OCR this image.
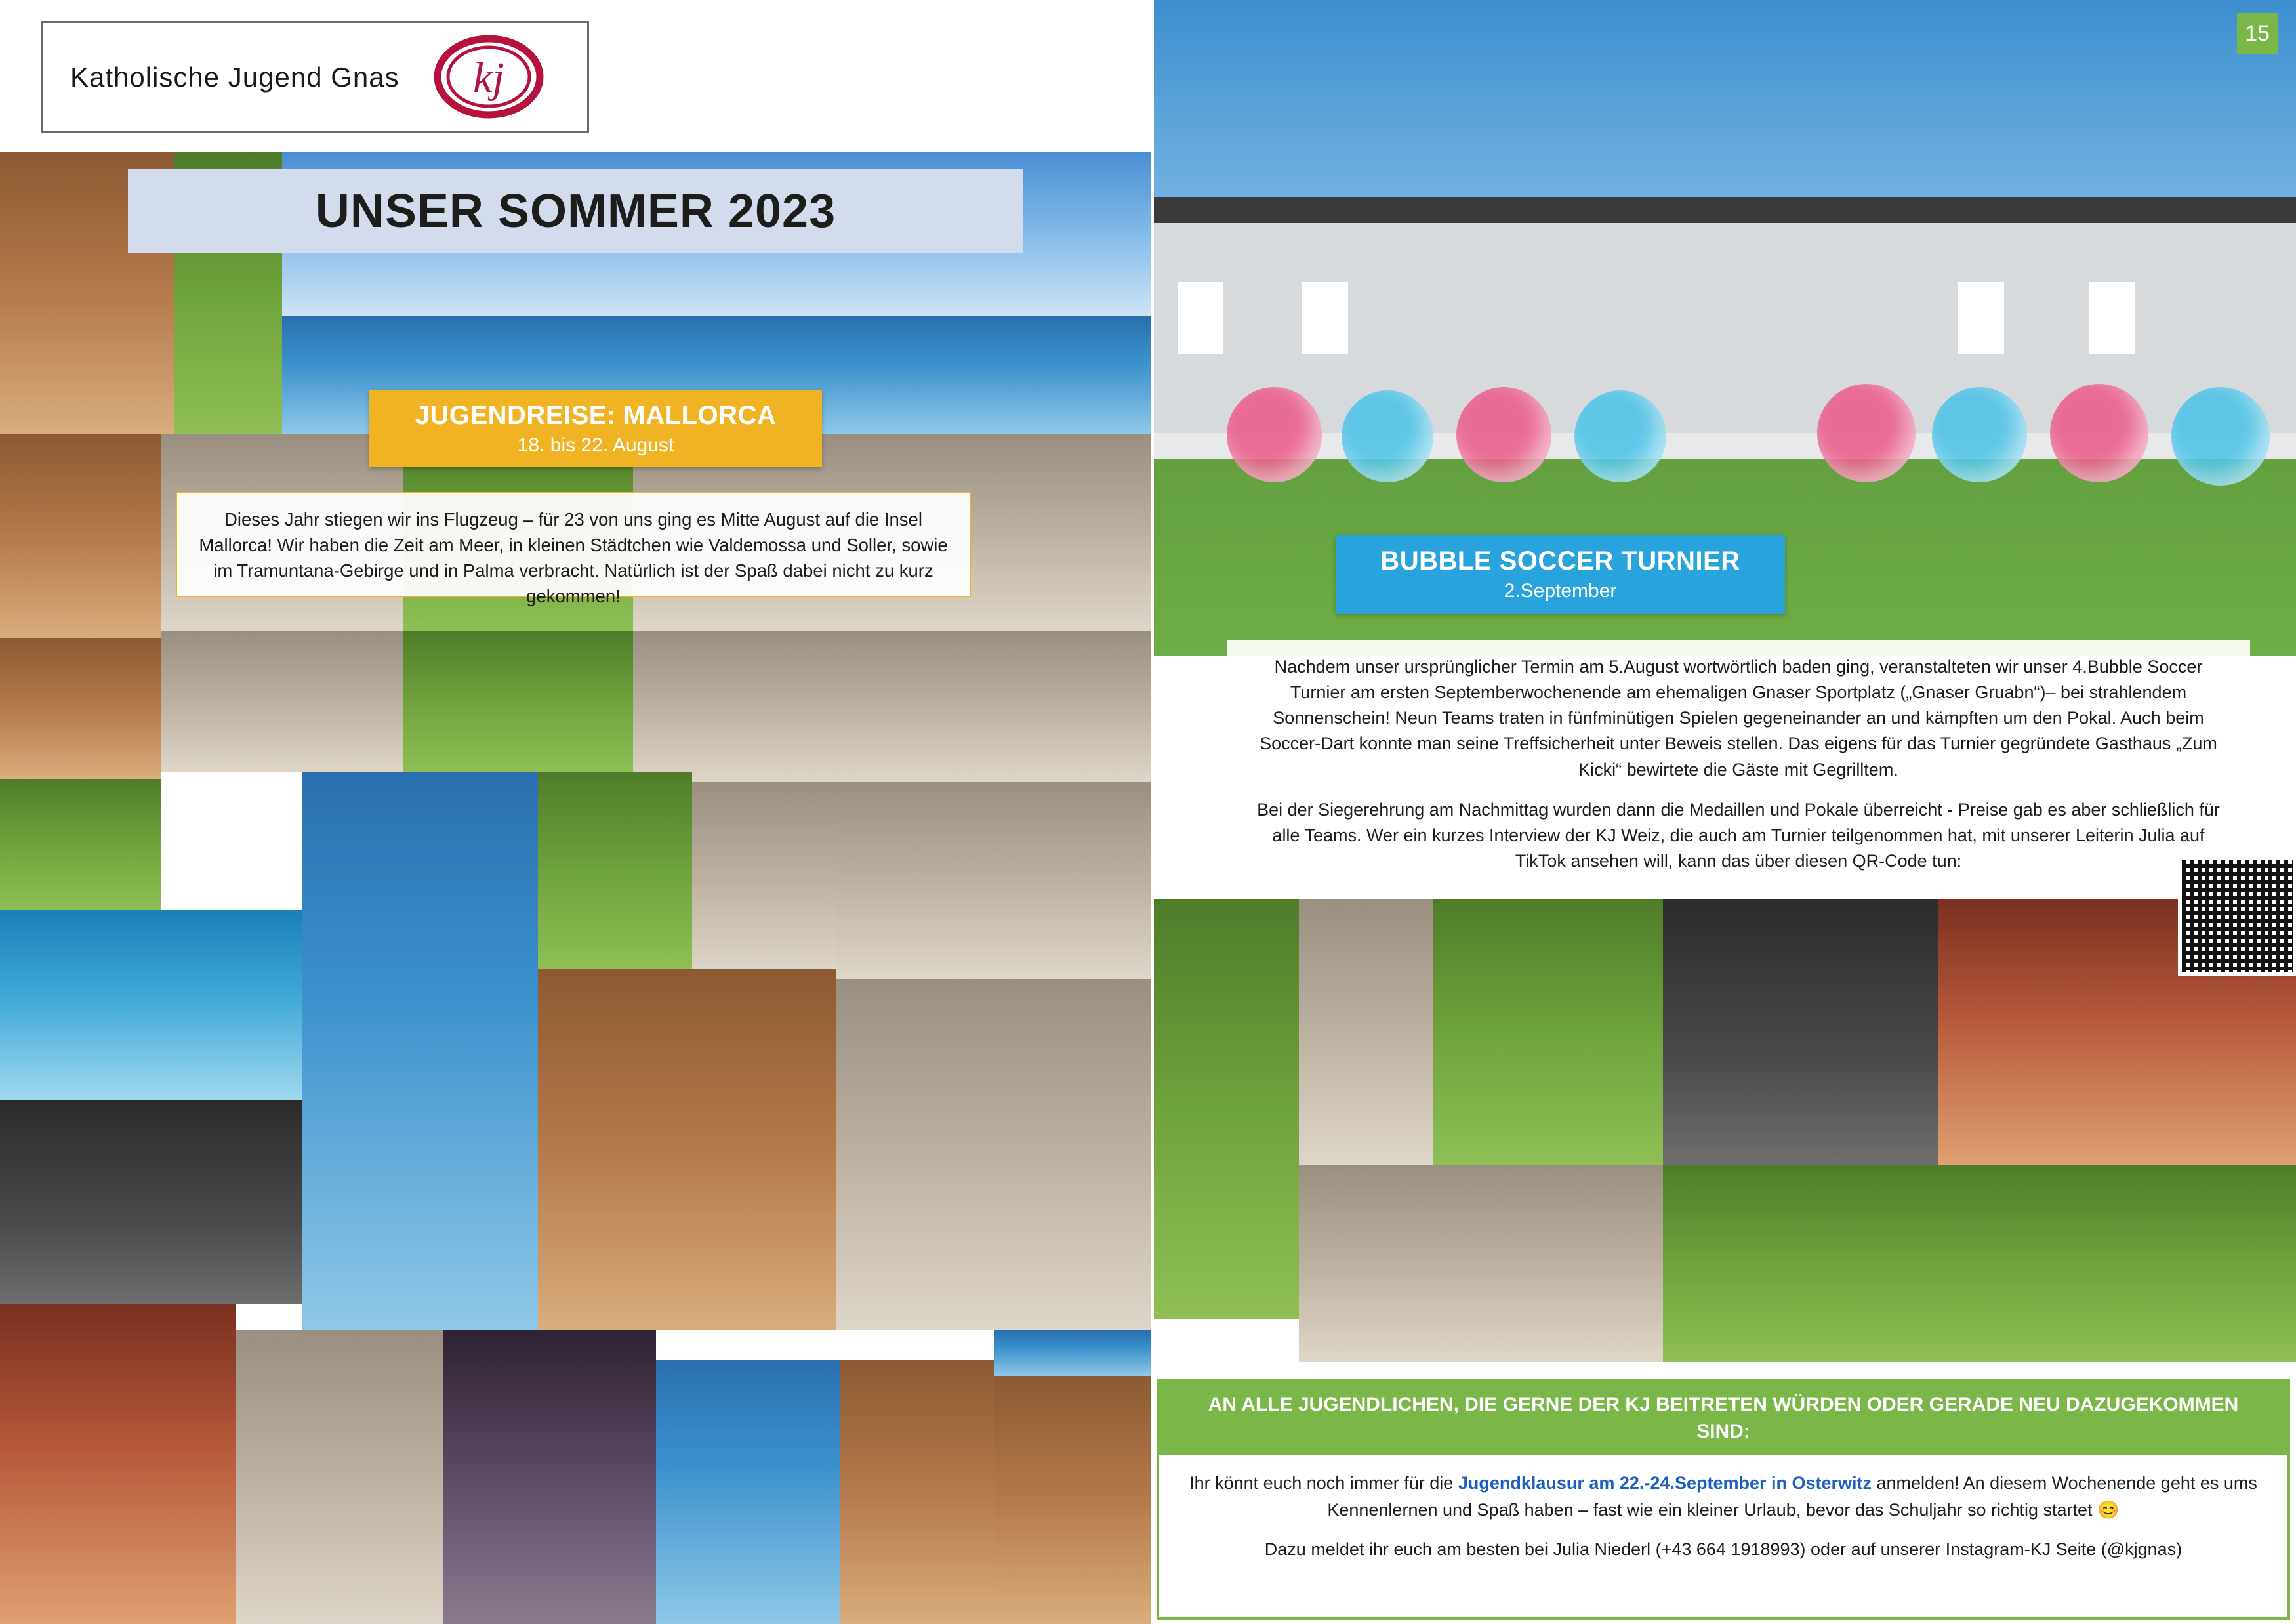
Katholische Jugend Gnas kj
UNSER SOMMER 2023
JUGENDREISE: MALLORCA
18. bis 22. August

Dieses Jahr stiegen wir ins Flugzeug – für 23 von uns ging es Mitte August auf die Insel Mallorca! Wir haben die Zeit am Meer, in kleinen Städtchen wie Valdemossa und Soller, sowie im Tramuntana-Gebirge und in Palma verbracht. Natürlich ist der Spaß dabei nicht zu kurz gekommen!

15
BUBBLE SOCCER TURNIER
2.September

Nachdem unser ursprünglicher Termin am 5.August wortwörtlich baden ging, veranstalteten wir unser 4.Bubble Soccer Turnier am ersten Septemberwochenende am ehemaligen Gnaser Sportplatz („Gnaser Gruabn“)– bei strahlendem Sonnenschein! Neun Teams traten in fünfminütigen Spielen gegeneinander an und kämpften um den Pokal. Auch beim Soccer-Dart konnte man seine Treffsicherheit unter Beweis stellen. Das eigens für das Turnier gegründete Gasthaus „Zum Kicki“ bewirtete die Gäste mit Gegrilltem.

Bei der Siegerehrung am Nachmittag wurden dann die Medaillen und Pokale überreicht - Preise gab es aber schließlich für alle Teams. Wer ein kurzes Interview der KJ Weiz, die auch am Turnier teilgenommen hat, mit unserer Leiterin Julia auf TikTok ansehen will, kann das über diesen QR-Code tun:

AN ALLE JUGENDLICHEN, DIE GERNE DER KJ BEITRETEN WÜRDEN ODER GERADE NEU DAZUGEKOMMEN SIND:

Ihr könnt euch noch immer für die Jugendklausur am 22.-24.September in Osterwitz anmelden! An diesem Wochenende geht es ums Kennenlernen und Spaß haben – fast wie ein kleiner Urlaub, bevor das Schuljahr so richtig startet 😊

Dazu meldet ihr euch am besten bei Julia Niederl (+43 664 1918993) oder auf unserer Instagram-KJ Seite (@kjgnas)
